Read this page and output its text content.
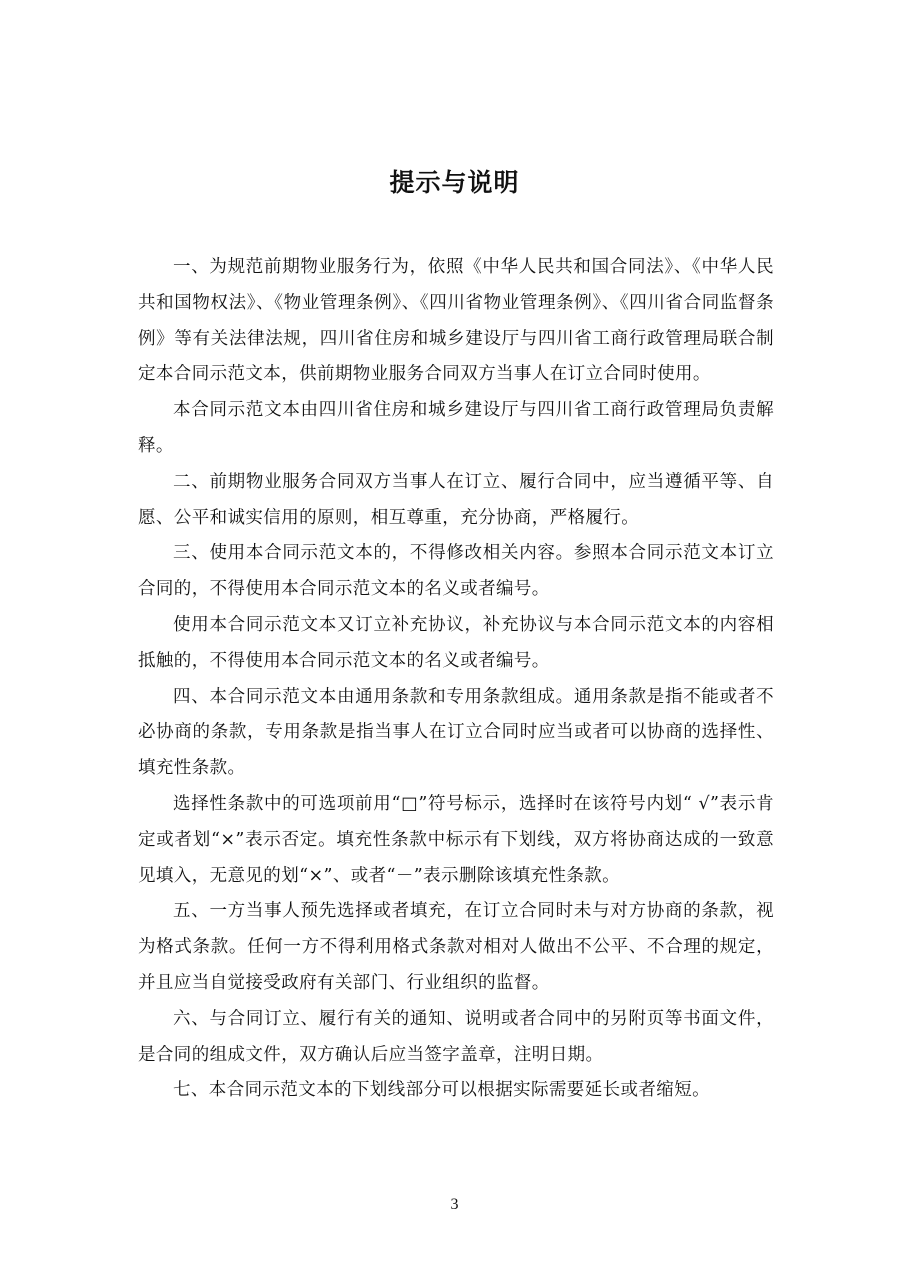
提示与说明

一、为规范前期物业服务行为，依照《中华人民共和国合同法》、《中华人民共和国物权法》、《物业管理条例》、《四川省物业管理条例》、《四川省合同监督条例》等有关法律法规，四川省住房和城乡建设厅与四川省工商行政管理局联合制定本合同示范文本，供前期物业服务合同双方当事人在订立合同时使用。

本合同示范文本由四川省住房和城乡建设厅与四川省工商行政管理局负责解释。

二、前期物业服务合同双方当事人在订立、履行合同中，应当遵循平等、自愿、公平和诚实信用的原则，相互尊重，充分协商，严格履行。

三、使用本合同示范文本的，不得修改相关内容。参照本合同示范文本订立合同的，不得使用本合同示范文本的名义或者编号。

使用本合同示范文本又订立补充协议，补充协议与本合同示范文本的内容相抵触的，不得使用本合同示范文本的名义或者编号。

四、本合同示范文本由通用条款和专用条款组成。通用条款是指不能或者不必协商的条款，专用条款是指当事人在订立合同时应当或者可以协商的选择性、填充性条款。

选择性条款中的可选项前用“□”符号标示，选择时在该符号内划“ √”表示肯定或者划“×”表示否定。填充性条款中标示有下划线，双方将协商达成的一致意见填入，无意见的划“×”、或者“－”表示删除该填充性条款。

五、一方当事人预先选择或者填充，在订立合同时未与对方协商的条款，视为格式条款。任何一方不得利用格式条款对相对人做出不公平、不合理的规定，并且应当自觉接受政府有关部门、行业组织的监督。

六、与合同订立、履行有关的通知、说明或者合同中的另附页等书面文件，是合同的组成文件，双方确认后应当签字盖章，注明日期。

七、本合同示范文本的下划线部分可以根据实际需要延长或者缩短。

3
